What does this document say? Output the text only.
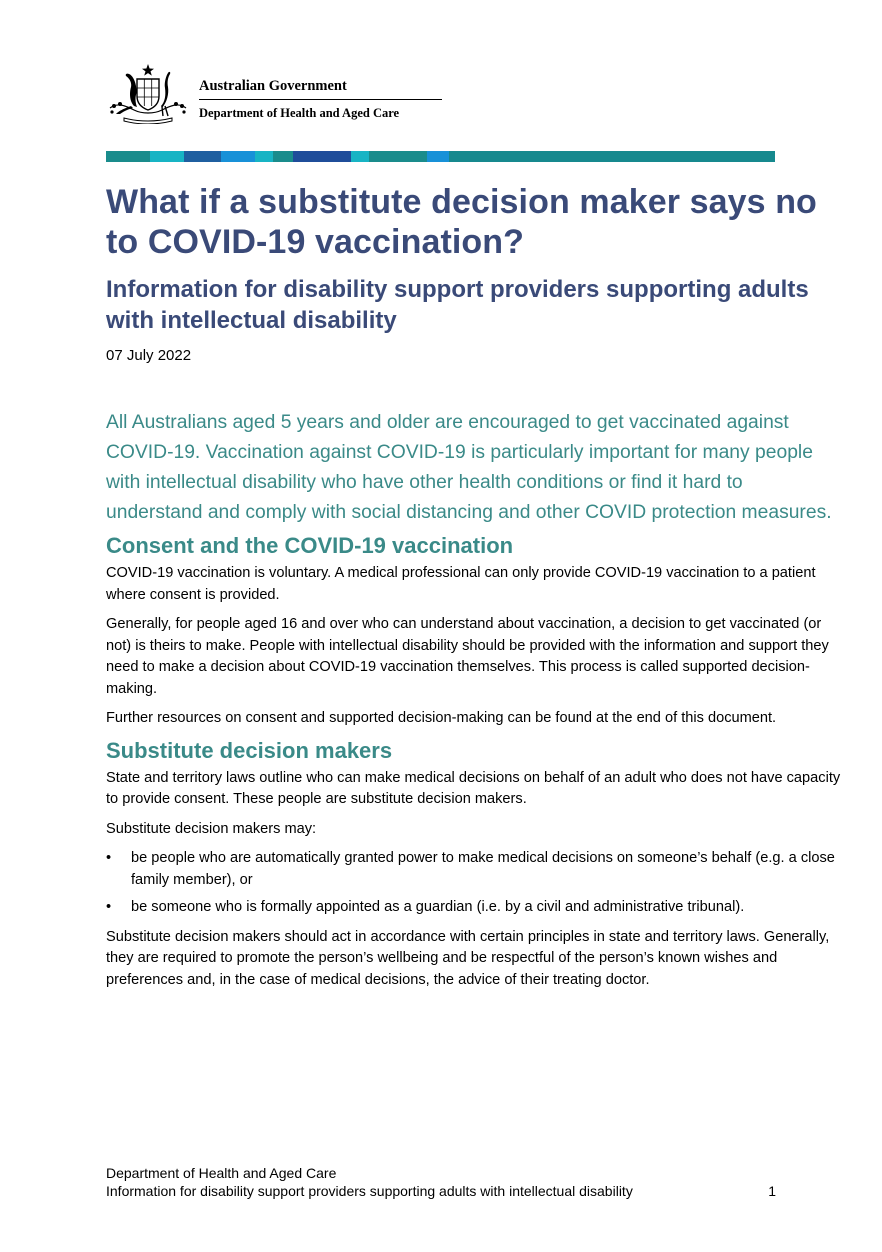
Australian Government
Department of Health and Aged Care
What if a substitute decision maker says no to COVID-19 vaccination?
Information for disability support providers supporting adults with intellectual disability

07 July 2022

All Australians aged 5 years and older are encouraged to get vaccinated against COVID-19. Vaccination against COVID-19 is particularly important for many people with intellectual disability who have other health conditions or find it hard to understand and comply with social distancing and other COVID protection measures.

Consent and the COVID-19 vaccination

COVID-19 vaccination is voluntary. A medical professional can only provide COVID-19 vaccination to a patient where consent is provided.

Generally, for people aged 16 and over who can understand about vaccination, a decision to get vaccinated (or not) is theirs to make. People with intellectual disability should be provided with the information and support they need to make a decision about COVID-19 vaccination themselves. This process is called supported decision-making.

Further resources on consent and supported decision-making can be found at the end of this document.

Substitute decision makers

State and territory laws outline who can make medical decisions on behalf of an adult who does not have capacity to provide consent. These people are substitute decision makers.

Substitute decision makers may:

• be people who are automatically granted power to make medical decisions on someone’s behalf (e.g. a close family member), or
• be someone who is formally appointed as a guardian (i.e. by a civil and administrative tribunal).

Substitute decision makers should act in accordance with certain principles in state and territory laws. Generally, they are required to promote the person’s wellbeing and be respectful of the person’s known wishes and preferences and, in the case of medical decisions, the advice of their treating doctor.

Department of Health and Aged Care
Information for disability support providers supporting adults with intellectual disability	1
